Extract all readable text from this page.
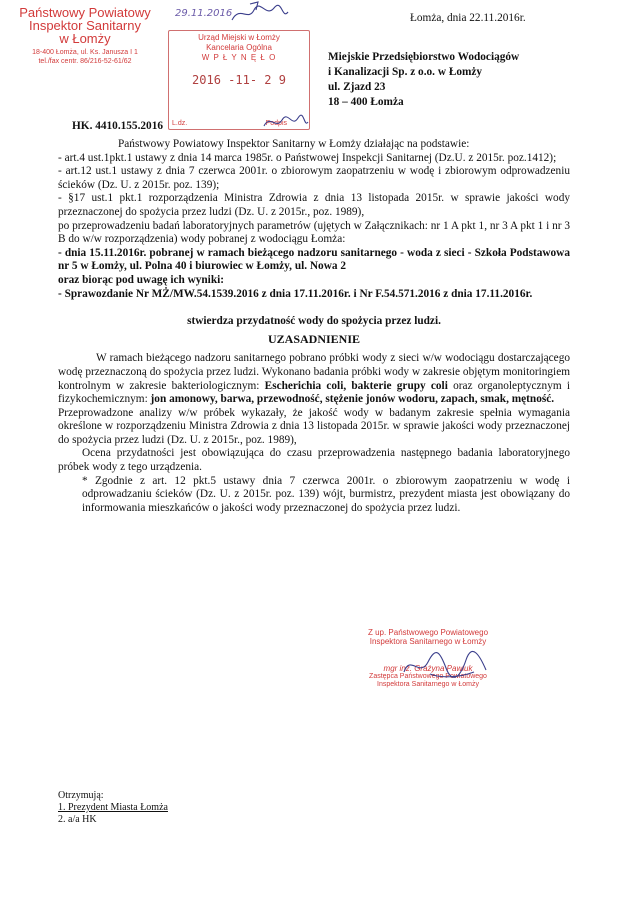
Państwowy Powiatowy
Inspektor Sanitarny
w Łomży
18-400 Łomża, ul. Ks. Janusza I 1
tel./fax centr. 86/216-52-61/62
29.11.2016	Łomża, dnia 22.11.2016r.
Urząd Miejski w Łomży
Kancelaria Ogólna
W P Ł Y N Ę Ł O
2016 -11- 2 9
L.dz.	Podpis
Miejskie Przedsiębiorstwo Wodociągów
i Kanalizacji Sp. z o.o. w Łomży
ul. Zjazd 23
18 – 400 Łomża
HK. 4410.155.2016
Państwowy Powiatowy Inspektor Sanitarny w Łomży działając na podstawie:
- art.4 ust.1pkt.1 ustawy z dnia 14 marca 1985r. o Państwowej Inspekcji Sanitarnej (Dz.U. z 2015r. poz.1412);
- art.12 ust.1 ustawy z dnia 7 czerwca 2001r. o zbiorowym zaopatrzeniu w wodę i zbiorowym odprowadzeniu ścieków (Dz. U. z 2015r. poz. 139);
- §17 ust.1 pkt.1 rozporządzenia Ministra Zdrowia z dnia 13 listopada 2015r. w sprawie jakości wody przeznaczonej do spożycia przez ludzi (Dz. U. z 2015r., poz. 1989),
po przeprowadzeniu badań laboratoryjnych parametrów (ujętych w Załącznikach: nr 1 A pkt 1, nr 3 A pkt 1 i nr 3 B do w/w rozporządzenia) wody pobranej z wodociągu Łomża:
- dnia 15.11.2016r. pobranej w ramach bieżącego nadzoru sanitarnego - woda z sieci - Szkoła Podstawowa nr 5 w Łomży, ul. Polna 40 i biurowiec w Łomży, ul. Nowa 2
oraz biorąc pod uwagę ich wyniki:
- Sprawozdanie Nr MŻ/MW.54.1539.2016 z dnia 17.11.2016r. i Nr F.54.571.2016 z dnia 17.11.2016r.
stwierdza przydatność wody do spożycia przez ludzi.
UZASADNIENIE
W ramach bieżącego nadzoru sanitarnego pobrano próbki wody z sieci w/w wodociągu dostarczającego wodę przeznaczoną do spożycia przez ludzi. Wykonano badania próbki wody w zakresie objętym monitoringiem kontrolnym w zakresie bakteriologicznym: Escherichia coli, bakterie grupy coli oraz organoleptycznym i fizykochemicznym: jon amonowy, barwa, przewodność, stężenie jonów wodoru, zapach, smak, mętność.
Przeprowadzone analizy w/w próbek wykazały, że jakość wody w badanym zakresie spełnia wymagania określone w rozporządzeniu Ministra Zdrowia z dnia 13 listopada 2015r. w sprawie jakości wody przeznaczonej do spożycia przez ludzi (Dz. U. z 2015r., poz. 1989),
Ocena przydatności jest obowiązująca do czasu przeprowadzenia następnego badania laboratoryjnego próbek wody z tego urządzenia.
* Zgodnie z art. 12 pkt.5 ustawy dnia 7 czerwca 2001r. o zbiorowym zaopatrzeniu w wodę i odprowadzaniu ścieków (Dz. U. z 2015r. poz. 139) wójt, burmistrz, prezydent miasta jest obowiązany do informowania mieszkańców o jakości wody przeznaczonej do spożycia przez ludzi.
Z up. Państwowego Powiatowego
Inspektora Sanitarnego w Łomży
mgr inż. Grażyna Pawluk
Zastępca Państwowego Powiatowego
Inspektora Sanitarnego w Łomży
Otrzymują:
1. Prezydent Miasta Łomża
2. a/a HK
